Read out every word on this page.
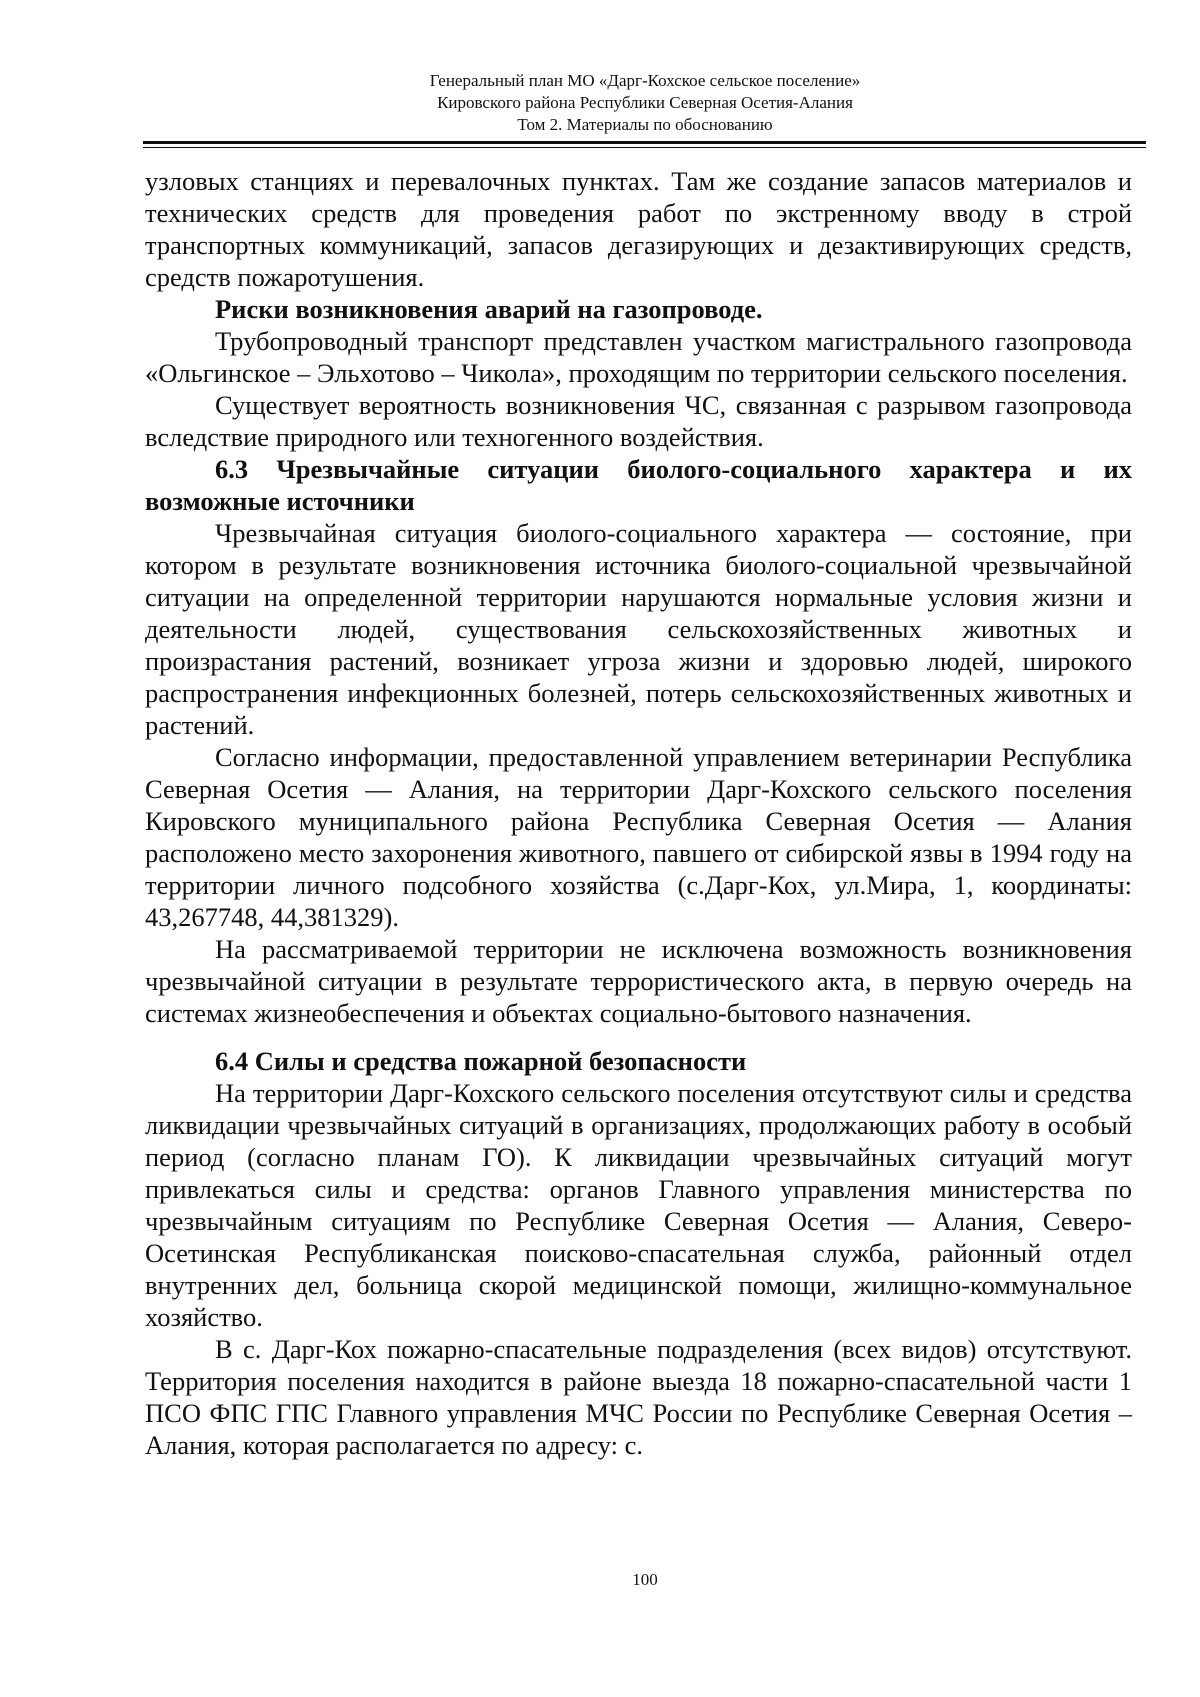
Генеральный план МО «Дарг-Кохское сельское поселение»
Кировского района Республики Северная Осетия-Алания
Том 2. Материалы по обоснованию

узловых станциях и перевалочных пунктах. Там же создание запасов материалов и технических средств для проведения работ по экстренному вводу в строй транспортных коммуникаций, запасов дегазирующих и дезактивирующих средств, средств пожаротушения.

Риски возникновения аварий на газопроводе.

Трубопроводный транспорт представлен участком магистрального газопровода «Ольгинское – Эльхотово – Чикола», проходящим по территории сельского поселения.

Существует вероятность возникновения ЧС, связанная с разрывом газопровода вследствие природного или техногенного воздействия.

6.3 Чрезвычайные ситуации биолого-социального характера и их возможные источники

Чрезвычайная ситуация биолого-социального характера — состояние, при котором в результате возникновения источника биолого-социальной чрезвычайной ситуации на определенной территории нарушаются нормальные условия жизни и деятельности людей, существования сельскохозяйственных животных и произрастания растений, возникает угроза жизни и здоровью людей, широкого распространения инфекционных болезней, потерь сельскохозяйственных животных и растений.

Согласно информации, предоставленной управлением ветеринарии Республика Северная Осетия — Алания, на территории Дарг-Кохского сельского поселения Кировского муниципального района Республика Северная Осетия — Алания расположено место захоронения животного, павшего от сибирской язвы в 1994 году на территории личного подсобного хозяйства (с.Дарг-Кох, ул.Мира, 1, координаты: 43,267748, 44,381329).

На рассматриваемой территории не исключена возможность возникновения чрезвычайной ситуации в результате террористического акта, в первую очередь на системах жизнеобеспечения и объектах социально-бытового назначения.

6.4 Силы и средства пожарной безопасности

На территории Дарг-Кохского сельского поселения отсутствуют силы и средства ликвидации чрезвычайных ситуаций в организациях, продолжающих работу в особый период (согласно планам ГО). К ликвидации чрезвычайных ситуаций могут привлекаться силы и средства: органов Главного управления министерства по чрезвычайным ситуациям по Республике Северная Осетия — Алания, Северо-Осетинская Республиканская поисково-спасательная служба, районный отдел внутренних дел, больница скорой медицинской помощи, жилищно-коммунальное хозяйство.

В с. Дарг-Кох пожарно-спасательные подразделения (всех видов) отсутствуют. Территория поселения находится в районе выезда 18 пожарно-спасательной части 1 ПСО ФПС ГПС Главного управления МЧС России по Республике Северная Осетия – Алания, которая располагается по адресу: с.

100
